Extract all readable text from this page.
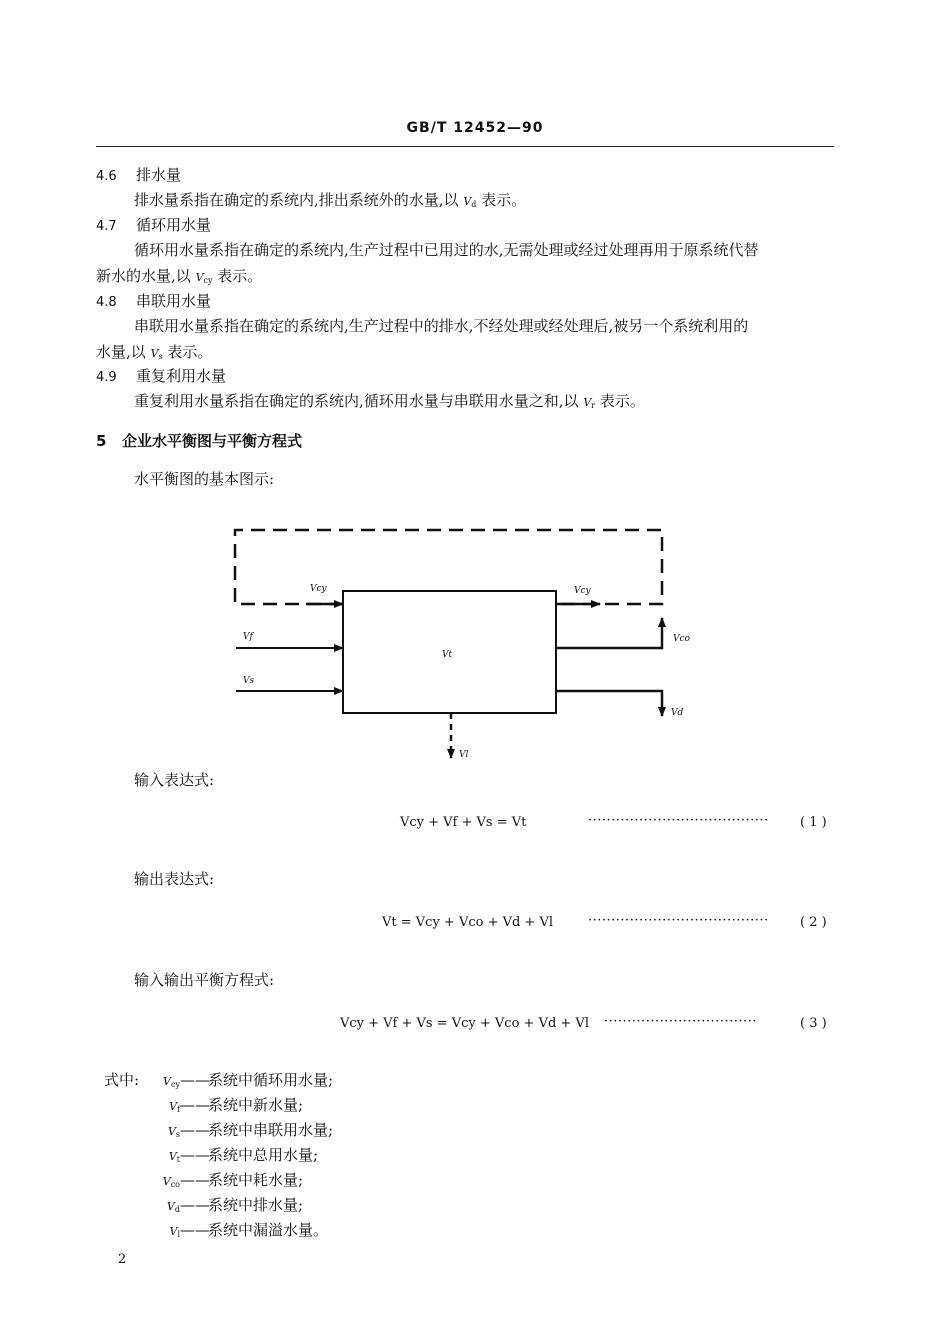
GB/T 12452—90
4.6 排水量
排水量系指在确定的系统内,排出系统外的水量,以 $V_d$ 表示。
4.7 循环用水量
循环用水量系指在确定的系统内,生产过程中已用过的水,无需处理或经过处理再用于原系统代替
新水的水量,以 $V_{cy}$ 表示。
4.8 串联用水量
串联用水量系指在确定的系统内,生产过程中的排水,不经处理或经处理后,被另一个系统利用的
水量,以 $V_s$ 表示。
4.9 重复利用水量
重复利用水量系指在确定的系统内,循环用水量与串联用水量之和,以 $V_r$ 表示。
5 企业水平衡图与平衡方程式
水平衡图的基本图示:
Vcy	Vcy
Vf
Vs
Vt
Vco
Vd
Vl
输入表达式:
Vcy + Vf + Vs = Vt	······································· ( 1 )
输出表达式:
Vt = Vcy + Vco + Vd + Vl	······································· ( 2 )
输入输出平衡方程式:
Vcy + Vf + Vs = Vcy + Vco + Vd + Vl ·································	( 3 )
式中:	$V_{cy}——$系统中循环用水量;
$V_f——$系统中新水量;
$V_s——$系统中串联用水量;
$V_t——$系统中总用水量;
$V_{co}——$系统中耗水量;
$V_d——$系统中排水量;
$V_l——$系统中漏溢水量。
2
